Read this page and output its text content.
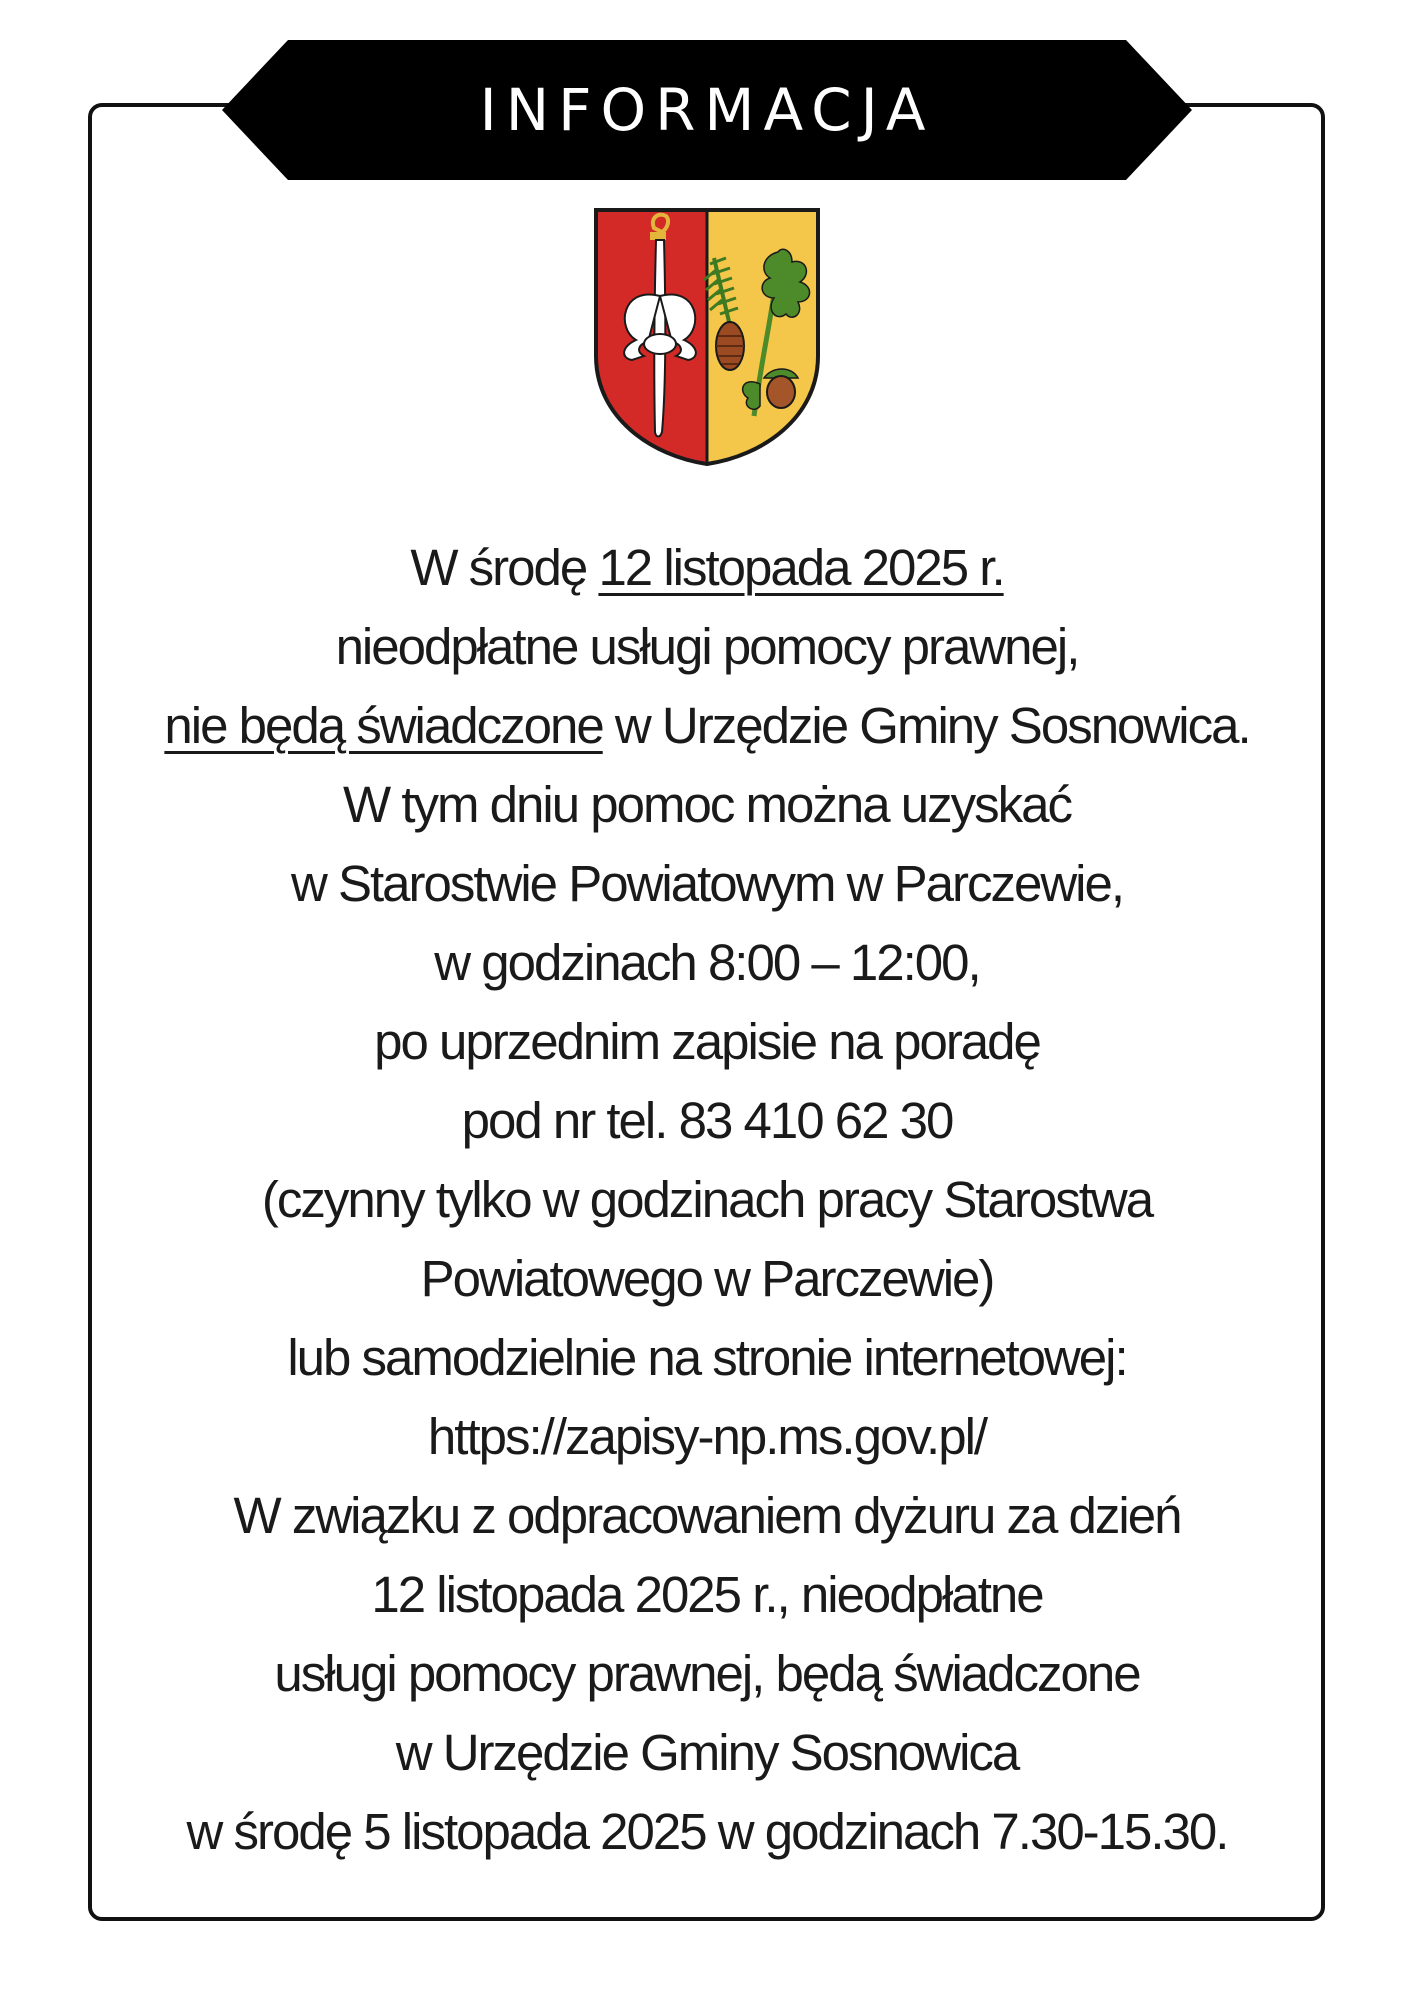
INFORMACJA

W środę 12 listopada 2025 r.

nieodpłatne usługi pomocy prawnej,

nie będą świadczone w Urzędzie Gminy Sosnowica.

W tym dniu pomoc można uzyskać

w Starostwie Powiatowym w Parczewie,

w godzinach 8:00 – 12:00,

po uprzednim zapisie na poradę

pod nr tel. 83 410 62 30

(czynny tylko w godzinach pracy Starostwa

Powiatowego w Parczewie)

lub samodzielnie na stronie internetowej:

https://zapisy-np.ms.gov.pl/

W związku z odpracowaniem dyżuru za dzień

12 listopada 2025 r., nieodpłatne

usługi pomocy prawnej, będą świadczone

w Urzędzie Gminy Sosnowica

w środę 5 listopada 2025 w godzinach 7.30-15.30.
